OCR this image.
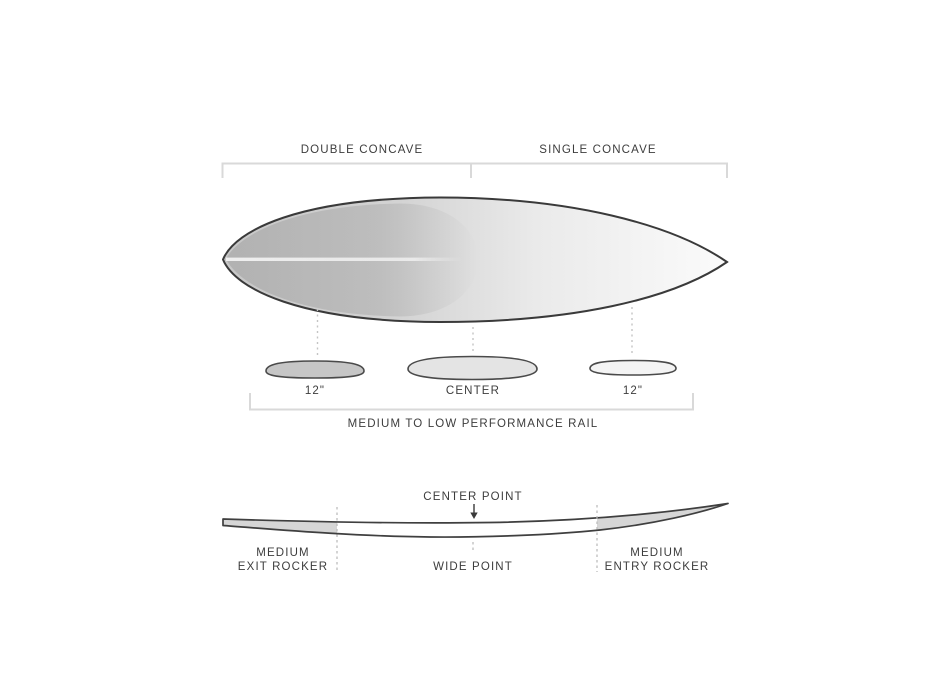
DOUBLE CONCAVE	SINGLE CONCAVE
12"	CENTER	12"
MEDIUM TO LOW PERFORMANCE RAIL
CENTER POINT
MEDIUM
EXIT ROCKER	WIDE POINT
MEDIUM
ENTRY ROCKER
